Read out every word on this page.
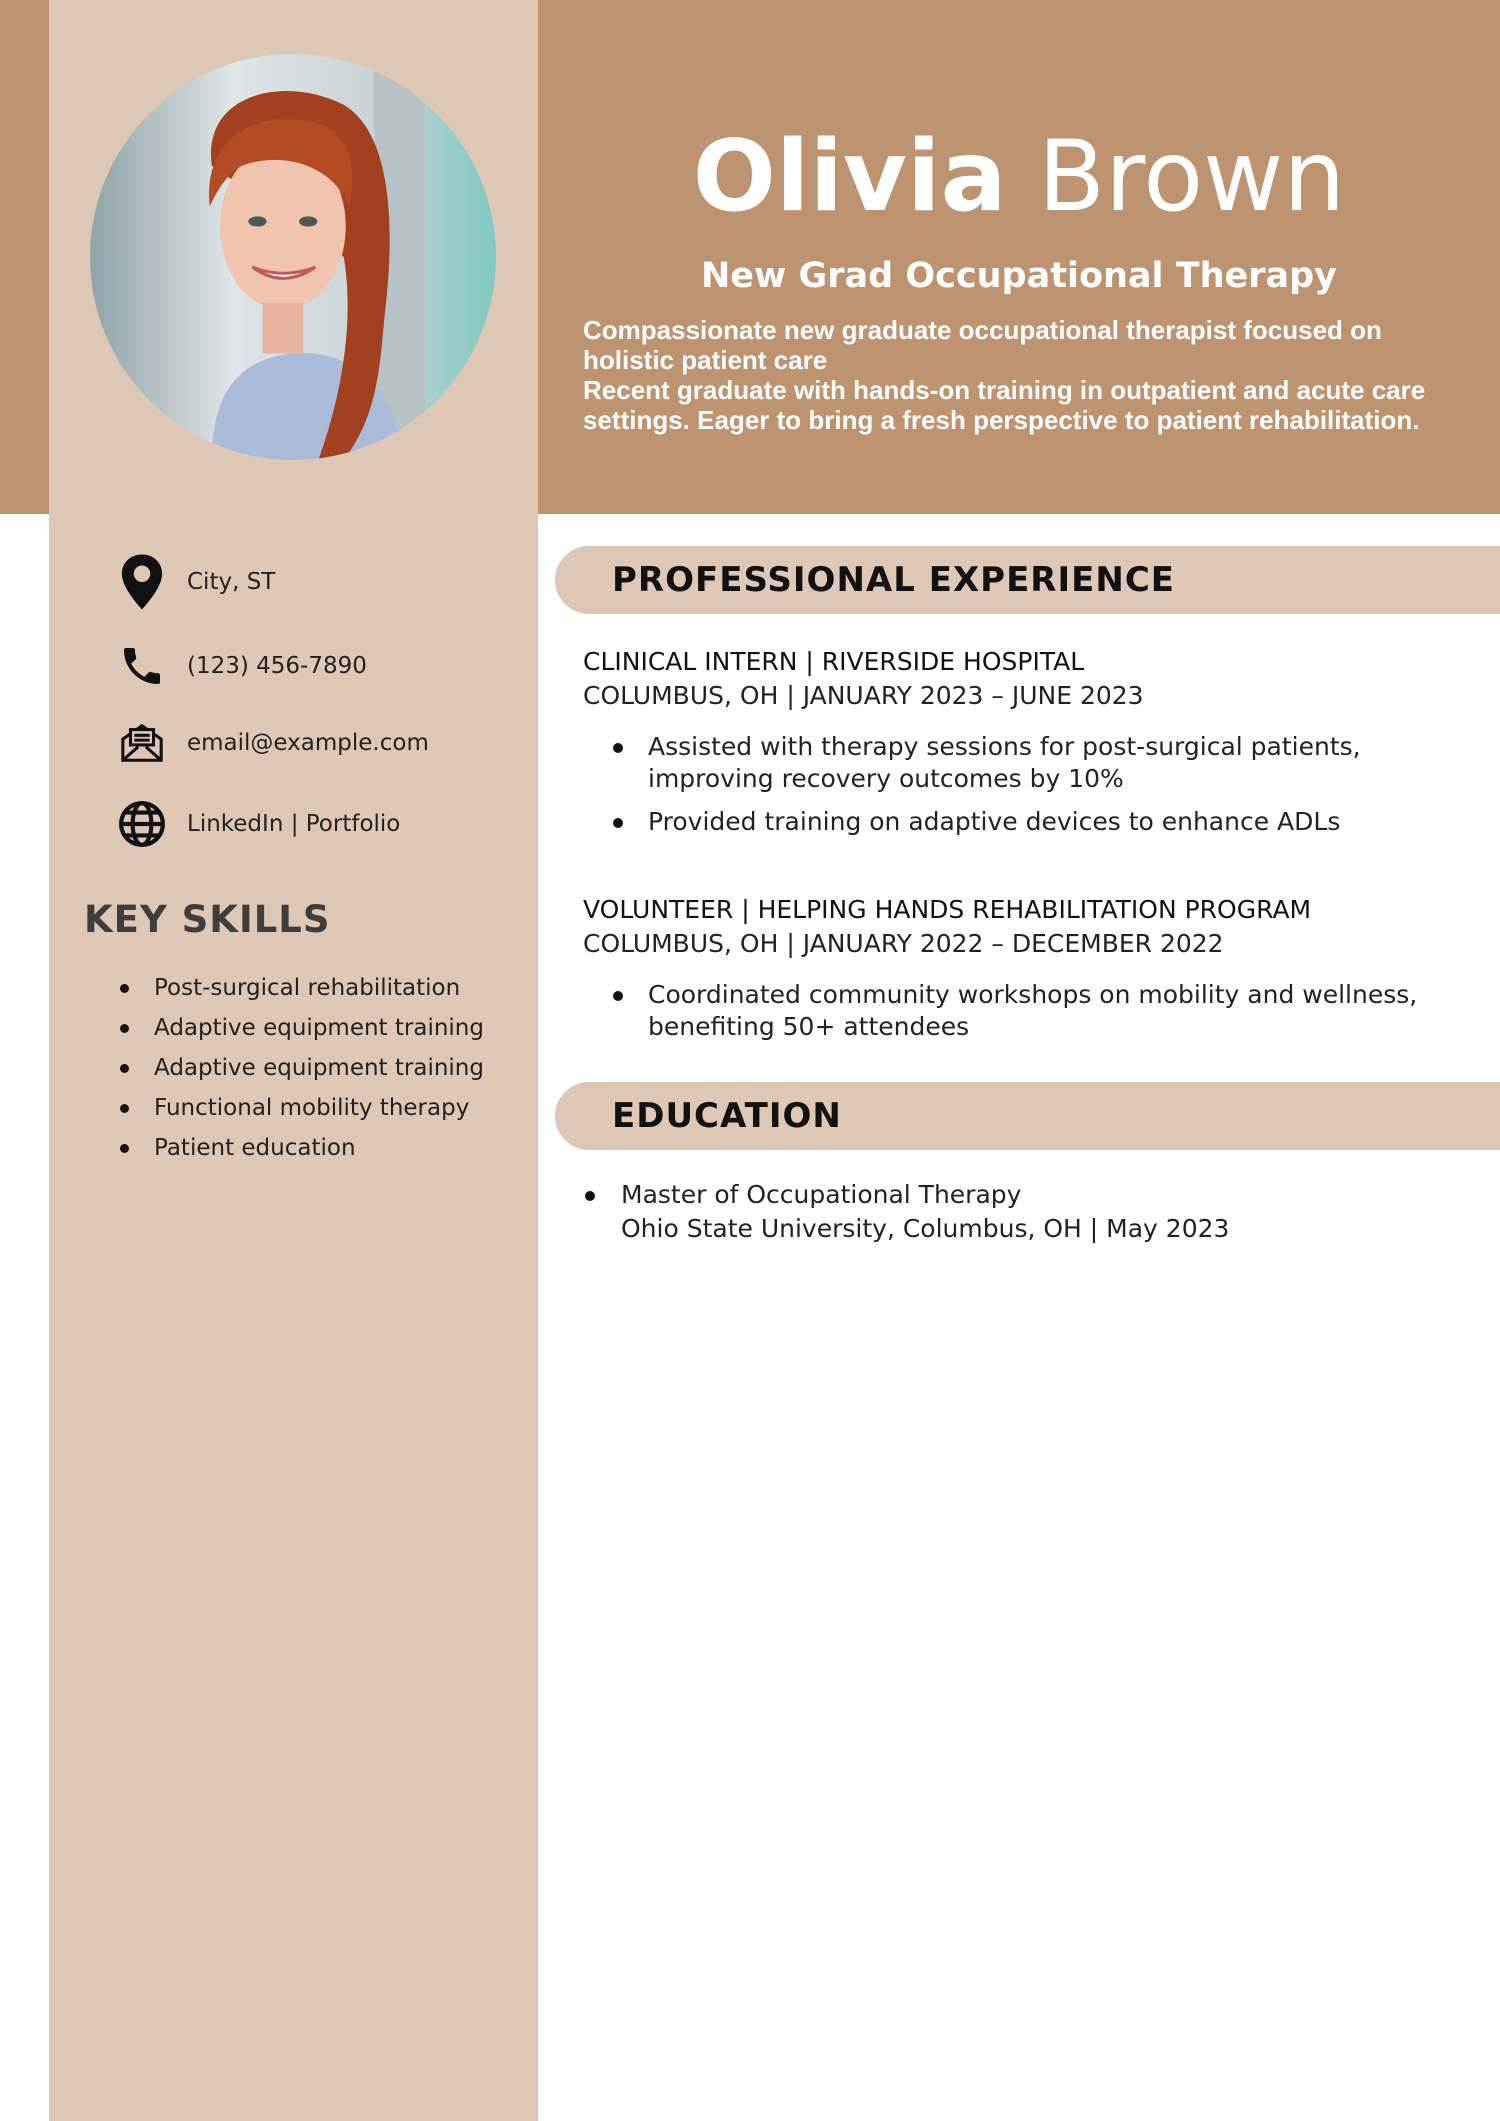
Olivia Brown
New Grad Occupational Therapy
Compassionate new graduate occupational therapist focused on holistic patient care
Recent graduate with hands-on training in outpatient and acute care settings. Eager to bring a fresh perspective to patient rehabilitation.
City, ST
(123) 456-7890
email@example.com
LinkedIn | Portfolio
KEY SKILLS
Post-surgical rehabilitation
Adaptive equipment training
Adaptive equipment training
Functional mobility therapy
Patient education
PROFESSIONAL EXPERIENCE
CLINICAL INTERN | RIVERSIDE HOSPITAL
COLUMBUS, OH | JANUARY 2023 – JUNE 2023
Assisted with therapy sessions for post-surgical patients, improving recovery outcomes by 10%
Provided training on adaptive devices to enhance ADLs
VOLUNTEER | HELPING HANDS REHABILITATION PROGRAM
COLUMBUS, OH | JANUARY 2022 – DECEMBER 2022
Coordinated community workshops on mobility and wellness, benefiting 50+ attendees
EDUCATION
Master of Occupational Therapy
Ohio State University, Columbus, OH | May 2023
